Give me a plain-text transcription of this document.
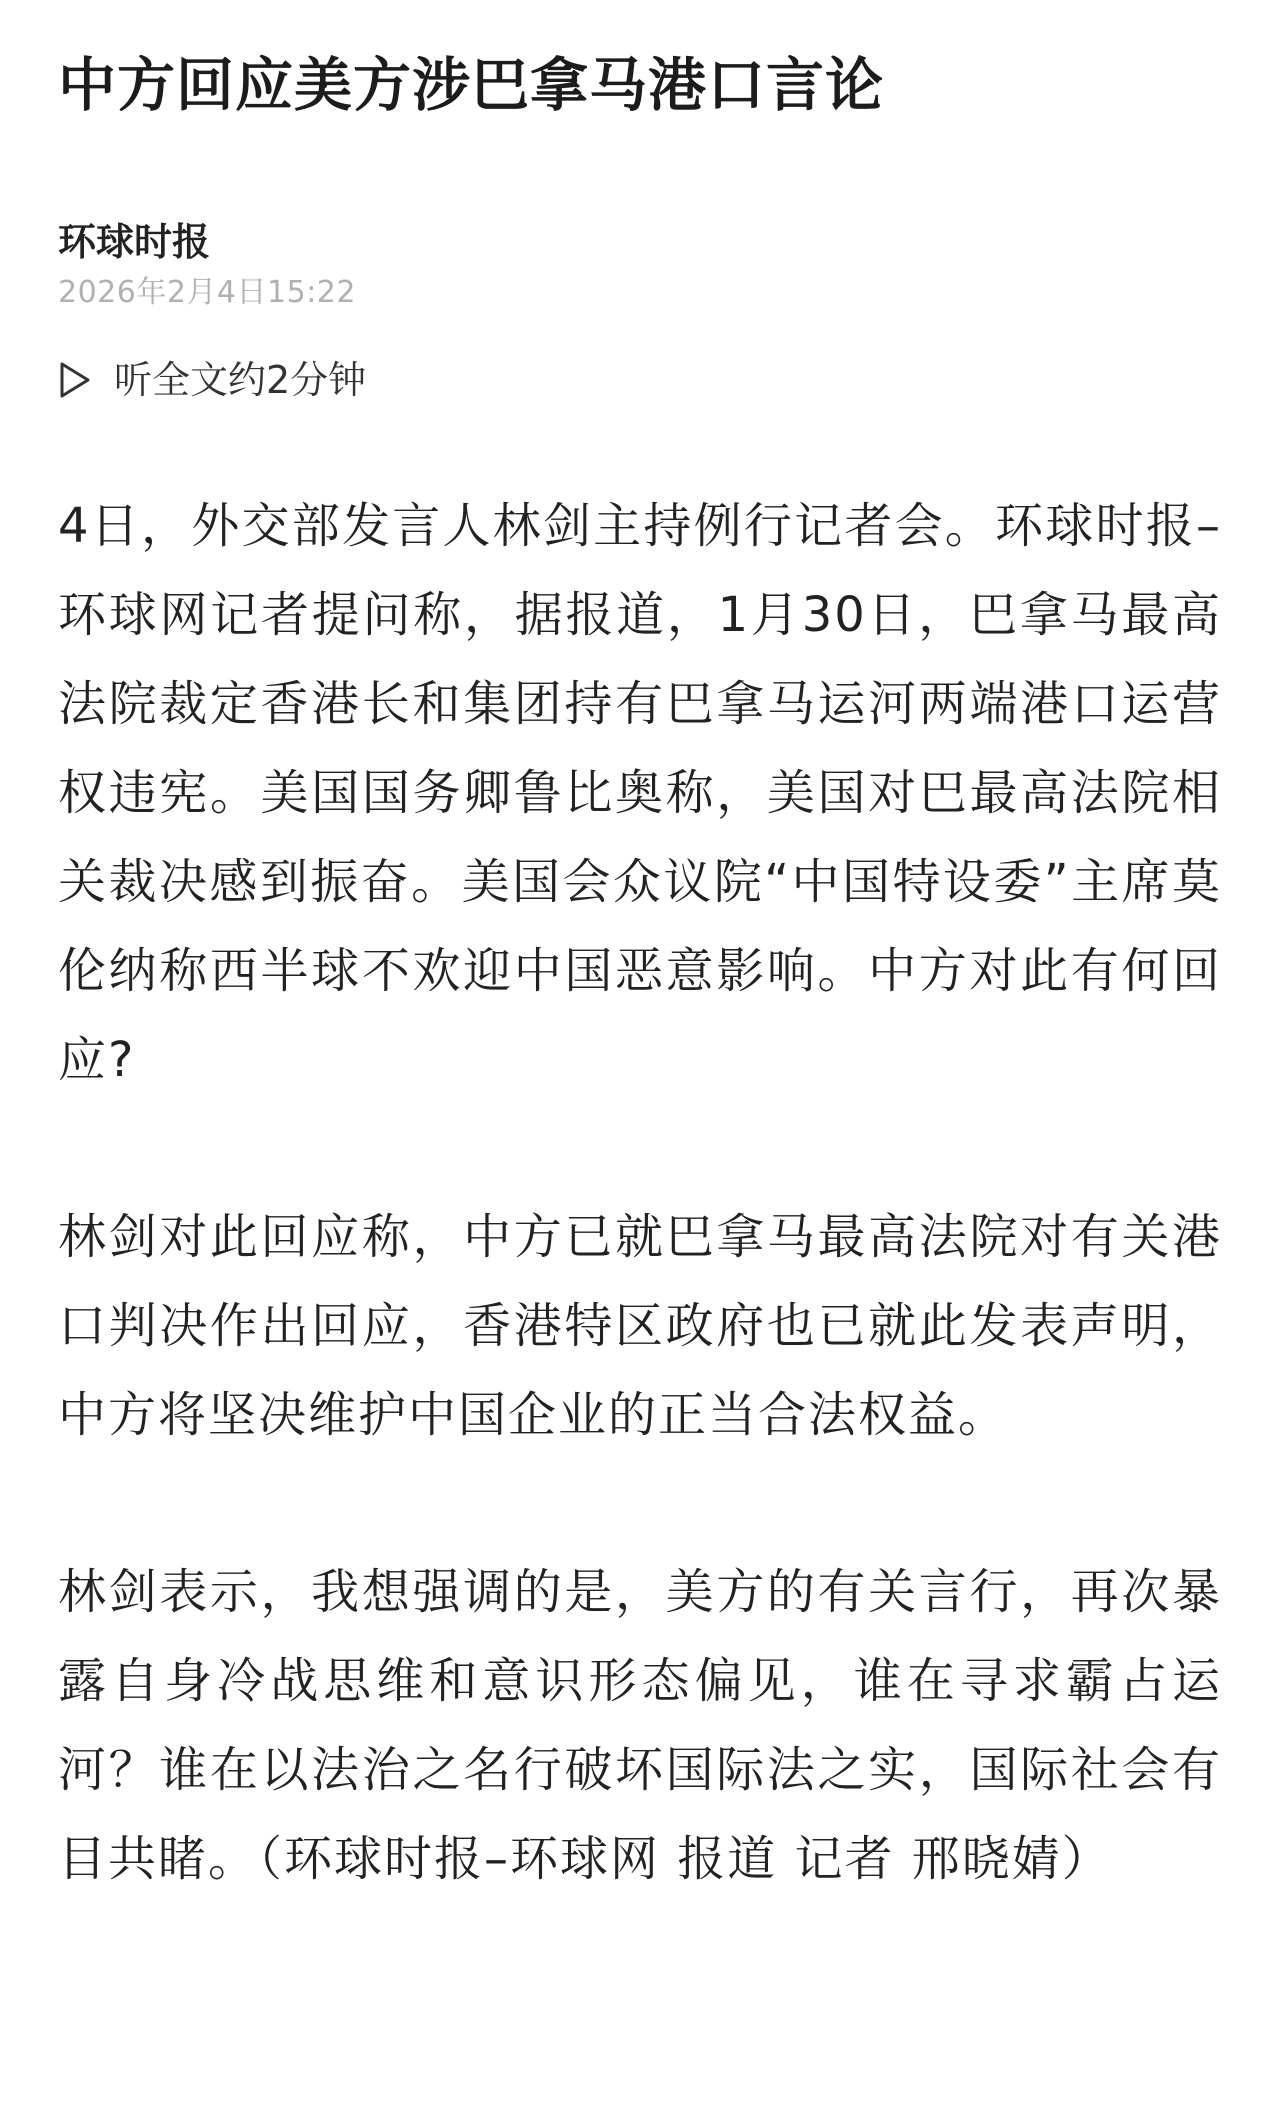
中方回应美方涉巴拿马港口言论
环球时报
2026年2月4日15:22
听全文约2分钟

4日，外交部发言人林剑主持例行记者会。环球时报–环球网记者提问称，据报道，1月30日，巴拿马最高法院裁定香港长和集团持有巴拿马运河两端港口运营权违宪。美国国务卿鲁比奥称，美国对巴最高法院相关裁决感到振奋。美国会众议院“中国特设委”主席莫伦纳称西半球不欢迎中国恶意影响。中方对此有何回应?

林剑对此回应称，中方已就巴拿马最高法院对有关港口判决作出回应，香港特区政府也已就此发表声明，中方将坚决维护中国企业的正当合法权益。

林剑表示，我想强调的是，美方的有关言行，再次暴露自身冷战思维和意识形态偏见，谁在寻求霸占运河？谁在以法治之名行破坏国际法之实，国际社会有目共睹。（环球时报–环球网 报道 记者 邢晓婧）
